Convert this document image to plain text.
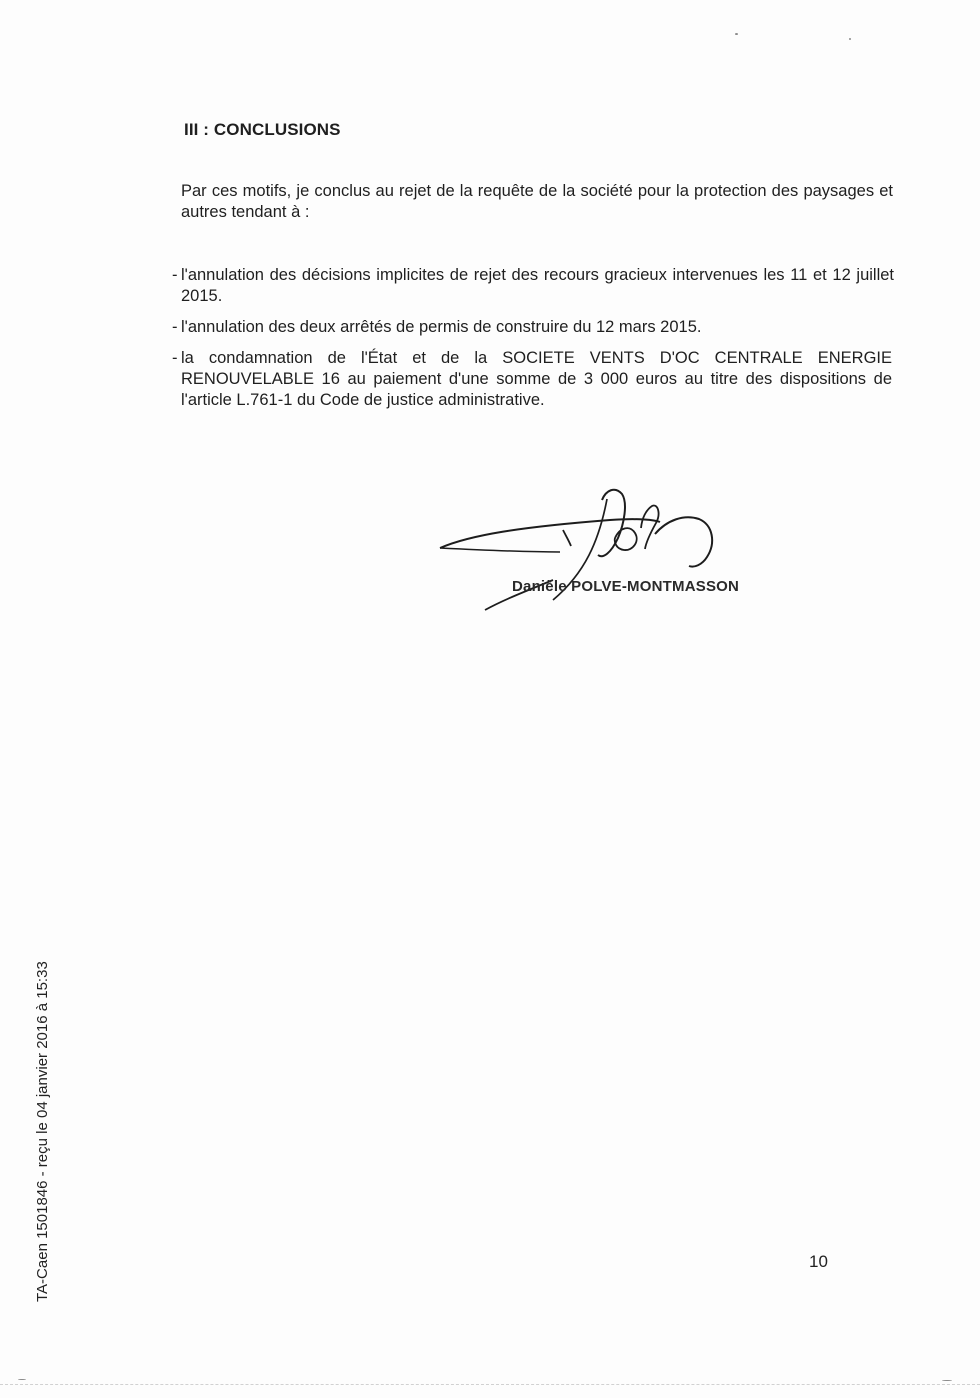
III : CONCLUSIONS
Par ces motifs, je conclus au rejet de la requête de la société pour la protection des paysages et autres tendant à :
- l'annulation des décisions implicites de rejet des recours gracieux intervenues les 11 et 12 juillet 2015.
- l'annulation des deux arrêtés de permis de construire du 12 mars 2015.
- la condamnation de l'État et de la SOCIETE VENTS D'OC CENTRALE ENERGIE RENOUVELABLE 16 au paiement d'une somme de 3 000 euros au titre des dispositions de l'article L.761-1 du Code de justice administrative.
Danièle POLVE-MONTMASSON
TA-Caen 1501846 - reçu le 04 janvier 2016 à 15:33	10
